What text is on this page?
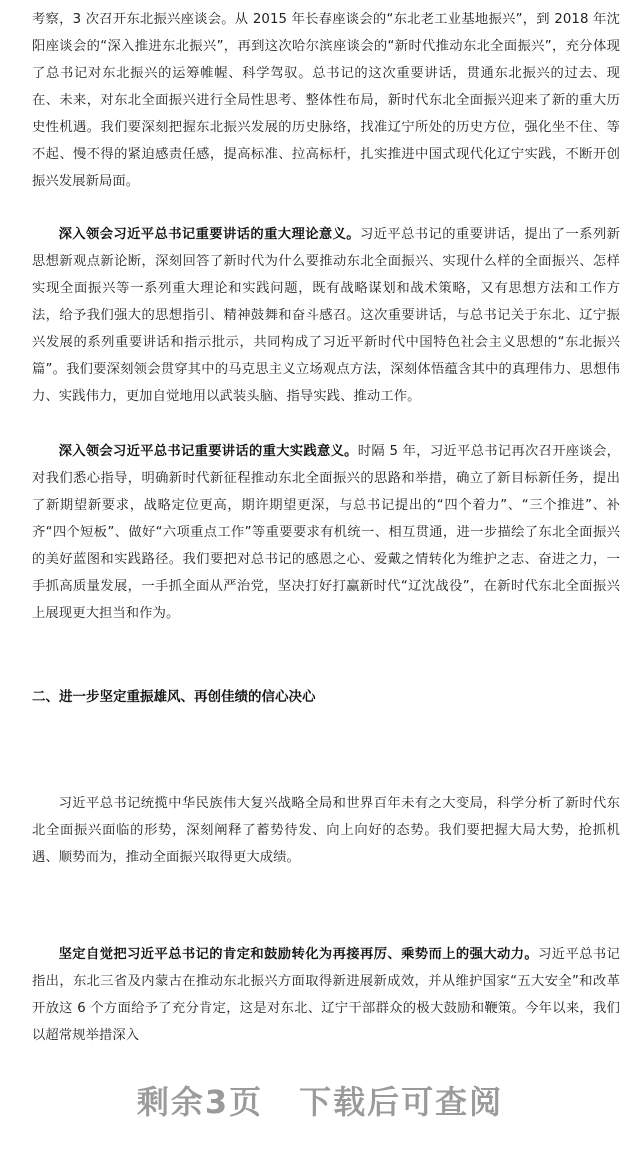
考察，3 次召开东北振兴座谈会。从 2015 年长春座谈会的“东北老工业基地振兴”，到 2018 年沈阳座谈会的“深入推进东北振兴”，再到这次哈尔滨座谈会的“新时代推动东北全面振兴”，充分体现了总书记对东北振兴的运筹帷幄、科学驾驭。总书记的这次重要讲话，贯通东北振兴的过去、现在、未来，对东北全面振兴进行全局性思考、整体性布局，新时代东北全面振兴迎来了新的重大历史性机遇。我们要深刻把握东北振兴发展的历史脉络，找准辽宁所处的历史方位，强化坐不住、等不起、慢不得的紧迫感责任感，提高标准、拉高标杆，扎实推进中国式现代化辽宁实践，不断开创振兴发展新局面。

深入领会习近平总书记重要讲话的重大理论意义。习近平总书记的重要讲话，提出了一系列新思想新观点新论断，深刻回答了新时代为什么要推动东北全面振兴、实现什么样的全面振兴、怎样实现全面振兴等一系列重大理论和实践问题，既有战略谋划和战术策略，又有思想方法和工作方法，给予我们强大的思想指引、精神鼓舞和奋斗感召。这次重要讲话，与总书记关于东北、辽宁振兴发展的系列重要讲话和指示批示，共同构成了习近平新时代中国特色社会主义思想的“东北振兴篇”。我们要深刻领会贯穿其中的马克思主义立场观点方法，深刻体悟蕴含其中的真理伟力、思想伟力、实践伟力，更加自觉地用以武装头脑、指导实践、推动工作。

深入领会习近平总书记重要讲话的重大实践意义。时隔 5 年，习近平总书记再次召开座谈会，对我们悉心指导，明确新时代新征程推动东北全面振兴的思路和举措，确立了新目标新任务，提出了新期望新要求，战略定位更高，期许期望更深，与总书记提出的“四个着力”、“三个推进”、补齐“四个短板”、做好“六项重点工作”等重要要求有机统一、相互贯通，进一步描绘了东北全面振兴的美好蓝图和实践路径。我们要把对总书记的感恩之心、爱戴之情转化为维护之志、奋进之力，一手抓高质量发展，一手抓全面从严治党，坚决打好打赢新时代“辽沈战役”，在新时代东北全面振兴上展现更大担当和作为。

二、进一步坚定重振雄风、再创佳绩的信心决心

习近平总书记统揽中华民族伟大复兴战略全局和世界百年未有之大变局，科学分析了新时代东北全面振兴面临的形势，深刻阐释了蓄势待发、向上向好的态势。我们要把握大局大势，抢抓机遇、顺势而为，推动全面振兴取得更大成绩。

坚定自觉把习近平总书记的肯定和鼓励转化为再接再厉、乘势而上的强大动力。习近平总书记指出，东北三省及内蒙古在推动东北振兴方面取得新进展新成效，并从维护国家“五大安全”和改革开放这 6 个方面给予了充分肯定，这是对东北、辽宁干部群众的极大鼓励和鞭策。今年以来，我们以超常规举措深入

剩余3页 下载后可查阅
